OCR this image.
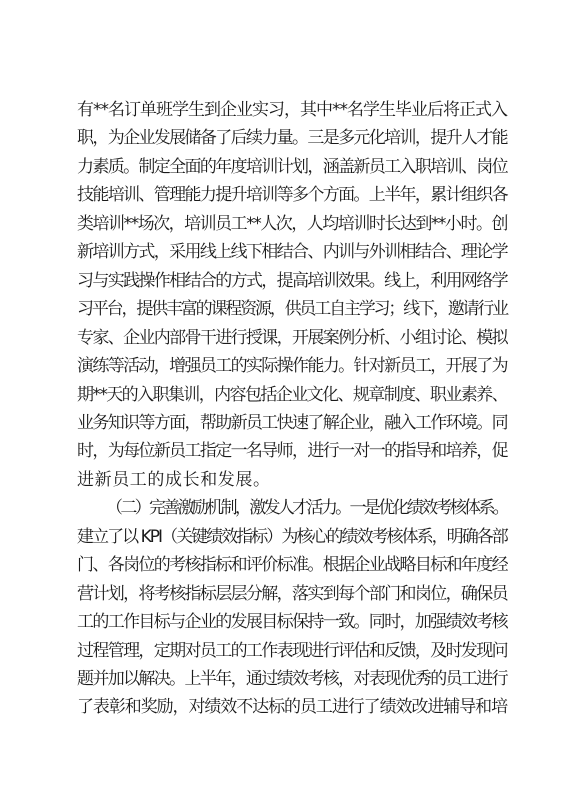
有**名订单班学生到企业实习，其中**名学生毕业后将正式入
职，为企业发展储备了后续力量。三是多元化培训，提升人才能
力素质。制定全面的年度培训计划，涵盖新员工入职培训、岗位
技能培训、管理能力提升培训等多个方面。上半年，累计组织各
类培训**场次，培训员工**人次，人均培训时长达到**小时。创
新培训方式，采用线上线下相结合、内训与外训相结合、理论学
习与实践操作相结合的方式，提高培训效果。线上，利用网络学
习平台，提供丰富的课程资源，供员工自主学习；线下，邀请行业
专家、企业内部骨干进行授课，开展案例分析、小组讨论、模拟
演练等活动，增强员工的实际操作能力。针对新员工，开展了为
期**天的入职集训，内容包括企业文化、规章制度、职业素养、
业务知识等方面，帮助新员工快速了解企业，融入工作环境。同
时，为每位新员工指定一名导师，进行一对一的指导和培养，促
进新员工的成长和发展。
（二）完善激励机制，激发人才活力。一是优化绩效考核体系。
建立了以 KPI（关键绩效指标）为核心的绩效考核体系，明确各部
门、各岗位的考核指标和评价标准。根据企业战略目标和年度经
营计划，将考核指标层层分解，落实到每个部门和岗位，确保员
工的工作目标与企业的发展目标保持一致。同时，加强绩效考核
过程管理，定期对员工的工作表现进行评估和反馈，及时发现问
题并加以解决。上半年，通过绩效考核，对表现优秀的员工进行
了表彰和奖励，对绩效不达标的员工进行了绩效改进辅导和培
